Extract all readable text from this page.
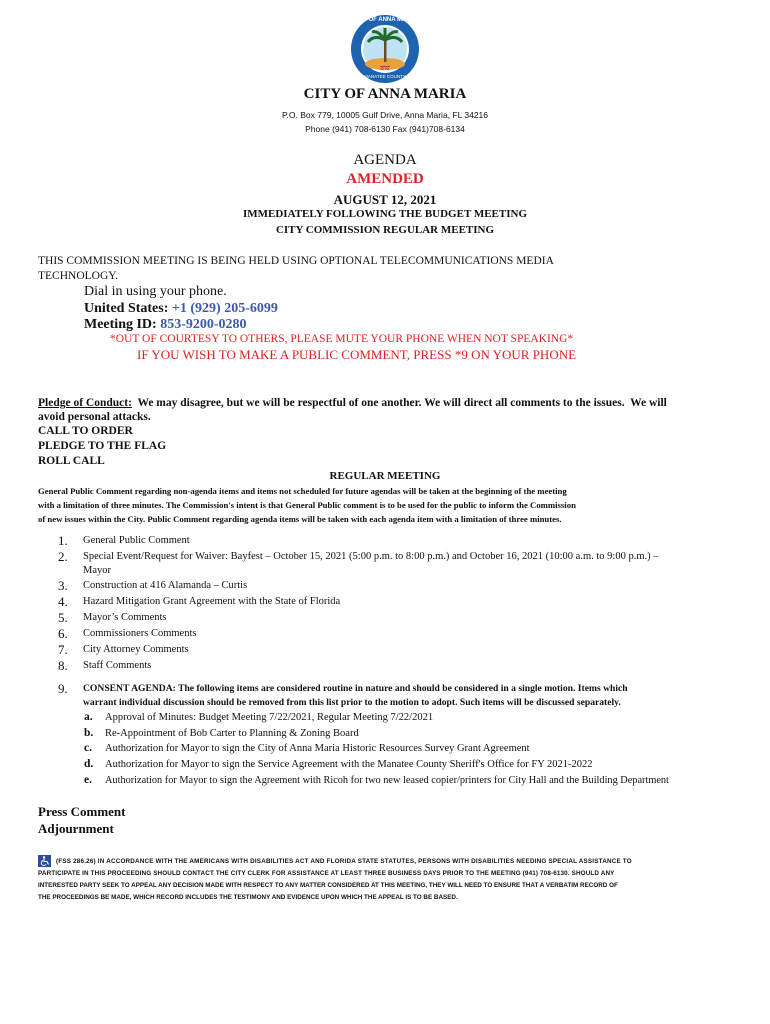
CITY OF ANNA MARIA
1923
MANATEE COUNTY
CITY OF ANNA MARIA
P.O. Box 779, 10005 Gulf Drive, Anna Maria, FL 34216
Phone (941) 708-6130 Fax (941)708-6134
AGENDA
AMENDED
AUGUST 12, 2021
IMMEDIATELY FOLLOWING THE BUDGET MEETING
CITY COMMISSION REGULAR MEETING
THIS COMMISSION MEETING IS BEING HELD USING OPTIONAL TELECOMMUNICATIONS MEDIA
TECHNOLOGY.
Dial in using your phone.
United States: +1 (929) 205-6099
Meeting ID: 853-9200-0280
*OUT OF COURTESY TO OTHERS, PLEASE MUTE YOUR PHONE WHEN NOT SPEAKING*
IF YOU WISH TO MAKE A PUBLIC COMMENT, PRESS *9 ON YOUR PHONE
Pledge of Conduct:  We may disagree, but we will be respectful of one another. We will direct all comments to the issues.  We will
avoid personal attacks.
CALL TO ORDER
PLEDGE TO THE FLAG
ROLL CALL
REGULAR MEETING
General Public Comment regarding non-agenda items and items not scheduled for future agendas will be taken at the beginning of the meeting
with a limitation of three minutes. The Commission's intent is that General Public comment is to be used for the public to inform the Commission
of new issues within the City. Public Comment regarding agenda items will be taken with each agenda item with a limitation of three minutes.
1. General Public Comment
2. Special Event/Request for Waiver: Bayfest – October 15, 2021 (5:00 p.m. to 8:00 p.m.) and October 16, 2021 (10:00 a.m. to 9:00 p.m.) –
Mayor
3. Construction at 416 Alamanda – Curtis
4. Hazard Mitigation Grant Agreement with the State of Florida
5. Mayor’s Comments
6. Commissioners Comments
7. City Attorney Comments
8. Staff Comments
9. CONSENT AGENDA: The following items are considered routine in nature and should be considered in a single motion. Items which
warrant individual discussion should be removed from this list prior to the motion to adopt. Such items will be discussed separately.
a. Approval of Minutes: Budget Meeting 7/22/2021, Regular Meeting 7/22/2021
b. Re-Appointment of Bob Carter to Planning & Zoning Board
c. Authorization for Mayor to sign the City of Anna Maria Historic Resources Survey Grant Agreement
d. Authorization for Mayor to sign the Service Agreement with the Manatee County Sheriff's Office for FY 2021-2022
e. Authorization for Mayor to sign the Agreement with Ricoh for two new leased copier/printers for City Hall and the Building Department
Press Comment
Adjournment
(FSS 286.26) IN ACCORDANCE WITH THE AMERICANS WITH DISABILITIES ACT AND FLORIDA STATE STATUTES, PERSONS WITH DISABILITIES NEEDING SPECIAL ASSISTANCE TO
PARTICIPATE IN THIS PROCEEDING SHOULD CONTACT THE CITY CLERK FOR ASSISTANCE AT LEAST THREE BUSINESS DAYS PRIOR TO THE MEETING (941) 708-6130. SHOULD ANY
INTERESTED PARTY SEEK TO APPEAL ANY DECISION MADE WITH RESPECT TO ANY MATTER CONSIDERED AT THIS MEETING, THEY WILL NEED TO ENSURE THAT A VERBATIM RECORD OF
THE PROCEEDINGS BE MADE, WHICH RECORD INCLUDES THE TESTIMONY AND EVIDENCE UPON WHICH THE APPEAL IS TO BE BASED.
